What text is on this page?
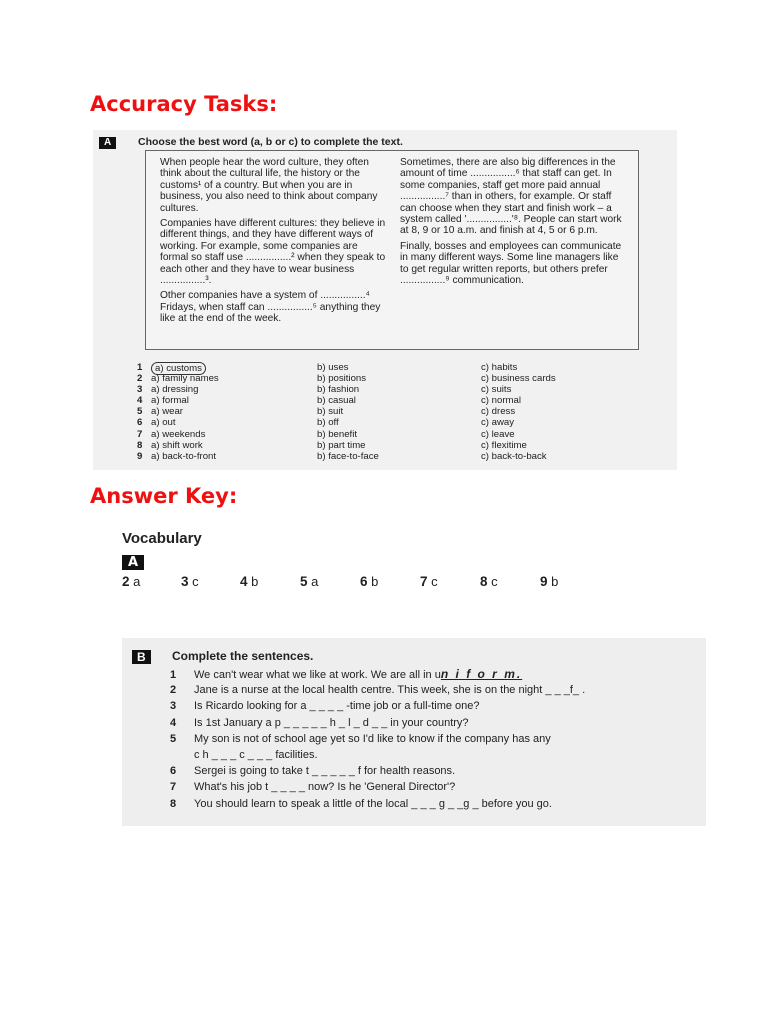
Accuracy Tasks:
A	Choose the best word (a, b or c) to complete the text.

When people hear the word culture, they often think about the cultural life, the history or the customs¹ of a country. But when you are in business, you also need to think about company cultures.

Companies have different cultures: they believe in different things, and they have different ways of working. For example, some companies are formal so staff use ................² when they speak to each other and they have to wear business ................³.

Other companies have a system of ................⁴ Fridays, when staff can ................⁵ anything they like at the end of the week.

Sometimes, there are also big differences in the amount of time ................⁶ that staff can get. In some companies, staff get more paid annual ................⁷ than in others, for example. Or staff can choose when they start and finish work – a system called '................'⁸. People can start work at 8, 9 or 10 a.m. and finish at 4, 5 or 6 p.m.

Finally, bosses and employees can communicate in many different ways. Some line managers like to get regular written reports, but others prefer ................⁹ communication.

1	a) customs	b) uses	c) habits
2 a) family names	b) positions	c) business cards
3 a) dressing	b) fashion	c) suits
4 a) formal	b) casual	c) normal
5 a) wear	b) suit	c) dress
6 a) out	b) off	c) away
7 a) weekends	b) benefit	c) leave
8 a) shift work	b) part time	c) flexitime
9 a) back-to-front	b) face-to-face	c) back-to-back
Answer Key:
Vocabulary
A
2 a	3 c	4 b	5 a	6 b	7 c	8 c	9 b
B	Complete the sentences.
1 We can't wear what we like at work. We are all in un i f o r m.
2 Jane is a nurse at the local health centre. This week, she is on the night _ _ _f_ .
3 Is Ricardo looking for a _ _ _ _ -time job or a full-time one?
4 Is 1st January a p _ _ _ _ _ h _ l _ d _ _ in your country?
5 My son is not of school age yet so I'd like to know if the company has any
c h _ _ _ c _ _ _ facilities.
6 Sergei is going to take t _ _ _ _ _ f for health reasons.
7 What's his job t _ _ _ _ now? Is he 'General Director'?
8 You should learn to speak a little of the local _ _ _ g _ _g _ before you go.
